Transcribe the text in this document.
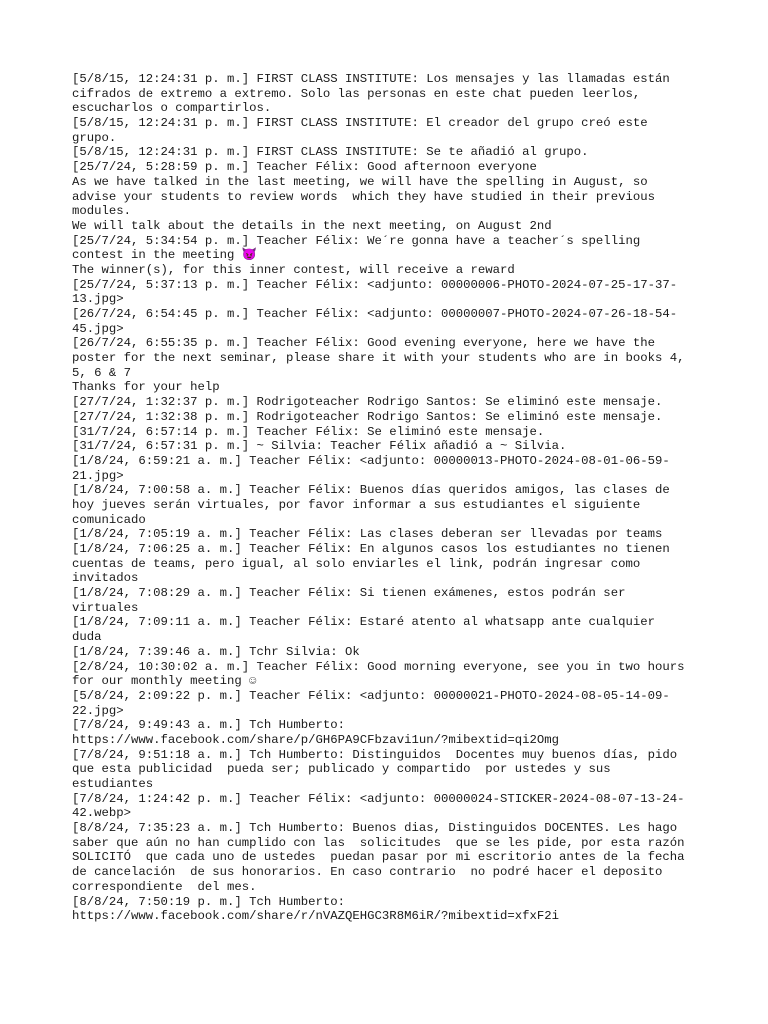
[5/8/15, 12:24:31 p. m.] FIRST CLASS INSTITUTE: Los mensajes y las llamadas están

cifrados de extremo a extremo. Solo las personas en este chat pueden leerlos,

escucharlos o compartirlos.

[5/8/15, 12:24:31 p. m.] FIRST CLASS INSTITUTE: El creador del grupo creó este

grupo.

[5/8/15, 12:24:31 p. m.] FIRST CLASS INSTITUTE: Se te añadió al grupo.

[25/7/24, 5:28:59 p. m.] Teacher Félix: Good afternoon everyone

As we have talked in the last meeting, we will have the spelling in August, so

advise your students to review words  which they have studied in their previous

modules.

We will talk about the details in the next meeting, on August 2nd

[25/7/24, 5:34:54 p. m.] Teacher Félix: We´re gonna have a teacher´s spelling

contest in the meeting 😈

The winner(s), for this inner contest, will receive a reward

[25/7/24, 5:37:13 p. m.] Teacher Félix: <adjunto: 00000006-PHOTO-2024-07-25-17-37-

13.jpg>

[26/7/24, 6:54:45 p. m.] Teacher Félix: <adjunto: 00000007-PHOTO-2024-07-26-18-54-

45.jpg>

[26/7/24, 6:55:35 p. m.] Teacher Félix: Good evening everyone, here we have the

poster for the next seminar, please share it with your students who are in books 4,

5, 6 & 7

Thanks for your help

[27/7/24, 1:32:37 p. m.] Rodrigoteacher Rodrigo Santos: Se eliminó este mensaje.

[27/7/24, 1:32:38 p. m.] Rodrigoteacher Rodrigo Santos: Se eliminó este mensaje.

[31/7/24, 6:57:14 p. m.] Teacher Félix: Se eliminó este mensaje.

[31/7/24, 6:57:31 p. m.] ~ Silvia: Teacher Félix añadió a ~ Silvia.

[1/8/24, 6:59:21 a. m.] Teacher Félix: <adjunto: 00000013-PHOTO-2024-08-01-06-59-

21.jpg>

[1/8/24, 7:00:58 a. m.] Teacher Félix: Buenos días queridos amigos, las clases de

hoy jueves serán virtuales, por favor informar a sus estudiantes el siguiente

comunicado

[1/8/24, 7:05:19 a. m.] Teacher Félix: Las clases deberan ser llevadas por teams

[1/8/24, 7:06:25 a. m.] Teacher Félix: En algunos casos los estudiantes no tienen

cuentas de teams, pero igual, al solo enviarles el link, podrán ingresar como

invitados

[1/8/24, 7:08:29 a. m.] Teacher Félix: Si tienen exámenes, estos podrán ser

virtuales

[1/8/24, 7:09:11 a. m.] Teacher Félix: Estaré atento al whatsapp ante cualquier

duda

[1/8/24, 7:39:46 a. m.] Tchr Silvia: Ok

[2/8/24, 10:30:02 a. m.] Teacher Félix: Good morning everyone, see you in two hours

for our monthly meeting ☺

[5/8/24, 2:09:22 p. m.] Teacher Félix: <adjunto: 00000021-PHOTO-2024-08-05-14-09-

22.jpg>

[7/8/24, 9:49:43 a. m.] Tch Humberto:

https://www.facebook.com/share/p/GH6PA9CFbzavi1un/?mibextid=qi2Omg

[7/8/24, 9:51:18 a. m.] Tch Humberto: Distinguidos  Docentes muy buenos días, pido

que esta publicidad  pueda ser; publicado y compartido  por ustedes y sus

estudiantes

[7/8/24, 1:24:42 p. m.] Teacher Félix: <adjunto: 00000024-STICKER-2024-08-07-13-24-

42.webp>

[8/8/24, 7:35:23 a. m.] Tch Humberto: Buenos dias, Distinguidos DOCENTES. Les hago

saber que aún no han cumplido con las  solicitudes  que se les pide, por esta razón

SOLICITÓ  que cada uno de ustedes  puedan pasar por mi escritorio antes de la fecha

de cancelación  de sus honorarios. En caso contrario  no podré hacer el deposito

correspondiente  del mes.

[8/8/24, 7:50:19 p. m.] Tch Humberto:

https://www.facebook.com/share/r/nVAZQEHGC3R8M6iR/?mibextid=xfxF2i
